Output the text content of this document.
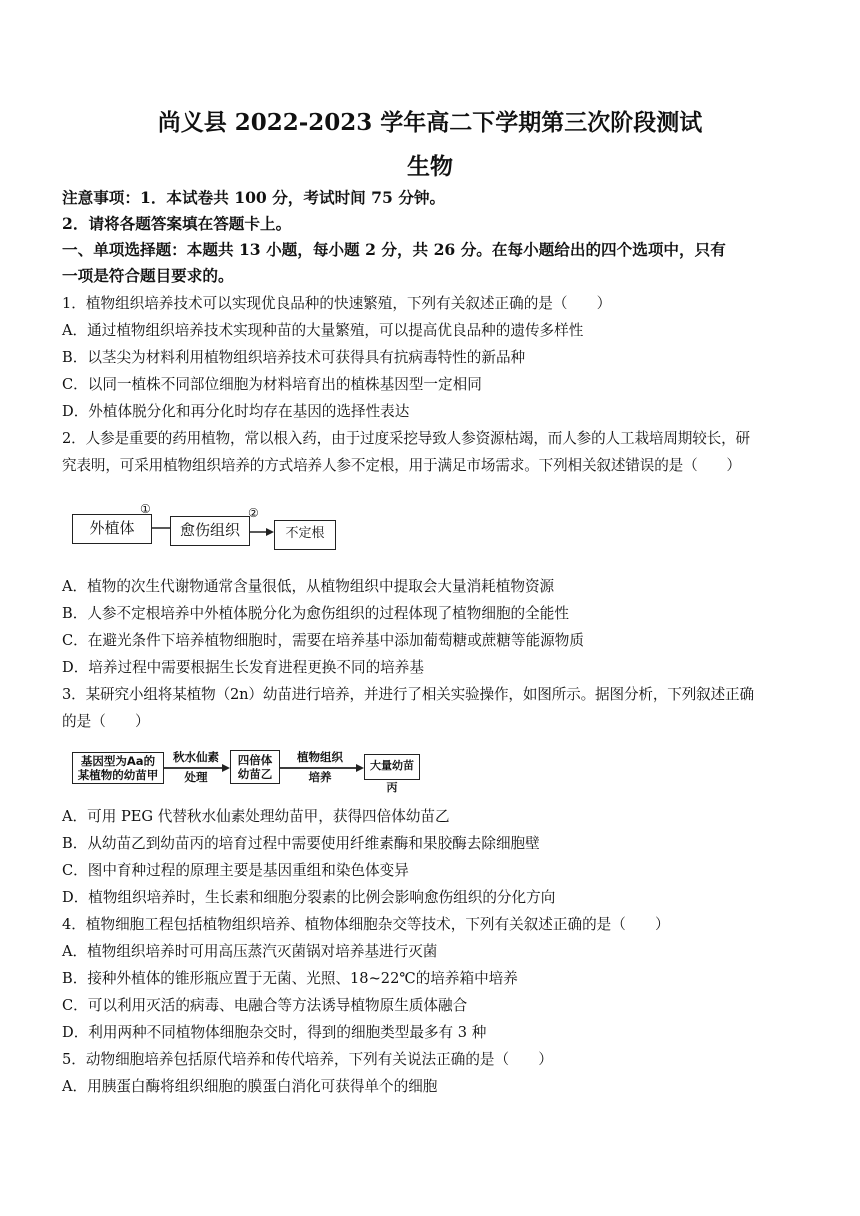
尚义县 2022-2023 学年高二下学期第三次阶段测试
生物
注意事项：1．本试卷共 100 分，考试时间 75 分钟。
2．请将各题答案填在答题卡上。
一、单项选择题：本题共 13 小题，每小题 2 分，共 26 分。在每小题给出的四个选项中，只有
一项是符合题目要求的。
1．植物组织培养技术可以实现优良品种的快速繁殖，下列有关叙述正确的是（　　）
A．通过植物组织培养技术实现种苗的大量繁殖，可以提高优良品种的遗传多样性
B．以茎尖为材料利用植物组织培养技术可获得具有抗病毒特性的新品种
C．以同一植株不同部位细胞为材料培育出的植株基因型一定相同
D．外植体脱分化和再分化时均存在基因的选择性表达
2．人参是重要的药用植物，常以根入药，由于过度采挖导致人参资源枯竭，而人参的人工栽培周期较长，研
究表明，可采用植物组织培养的方式培养人参不定根，用于满足市场需求。下列相关叙述错误的是（　　）
外植体
①
愈伤组织
②
不定根
A．植物的次生代谢物通常含量很低，从植物组织中提取会大量消耗植物资源
B．人参不定根培养中外植体脱分化为愈伤组织的过程体现了植物细胞的全能性
C．在避光条件下培养植物细胞时，需要在培养基中添加葡萄糖或蔗糖等能源物质
D．培养过程中需要根据生长发育进程更换不同的培养基
3．某研究小组将某植物（2n）幼苗进行培养，并进行了相关实验操作，如图所示。据图分析，下列叙述正确
的是（　　）
基因型为Aa的
某植物的幼苗甲
秋水仙素
处理
四倍体
幼苗乙
植物组织
培养
大量幼苗丙
A．可用 PEG 代替秋水仙素处理幼苗甲，获得四倍体幼苗乙
B．从幼苗乙到幼苗丙的培育过程中需要使用纤维素酶和果胶酶去除细胞壁
C．图中育种过程的原理主要是基因重组和染色体变异
D．植物组织培养时，生长素和细胞分裂素的比例会影响愈伤组织的分化方向
4．植物细胞工程包括植物组织培养、植物体细胞杂交等技术，下列有关叙述正确的是（　　）
A．植物组织培养时可用高压蒸汽灭菌锅对培养基进行灭菌
B．接种外植体的锥形瓶应置于无菌、光照、18~22℃的培养箱中培养
C．可以利用灭活的病毒、电融合等方法诱导植物原生质体融合
D．利用两种不同植物体细胞杂交时，得到的细胞类型最多有 3 种
5．动物细胞培养包括原代培养和传代培养，下列有关说法正确的是（　　）
A．用胰蛋白酶将组织细胞的膜蛋白消化可获得单个的细胞
